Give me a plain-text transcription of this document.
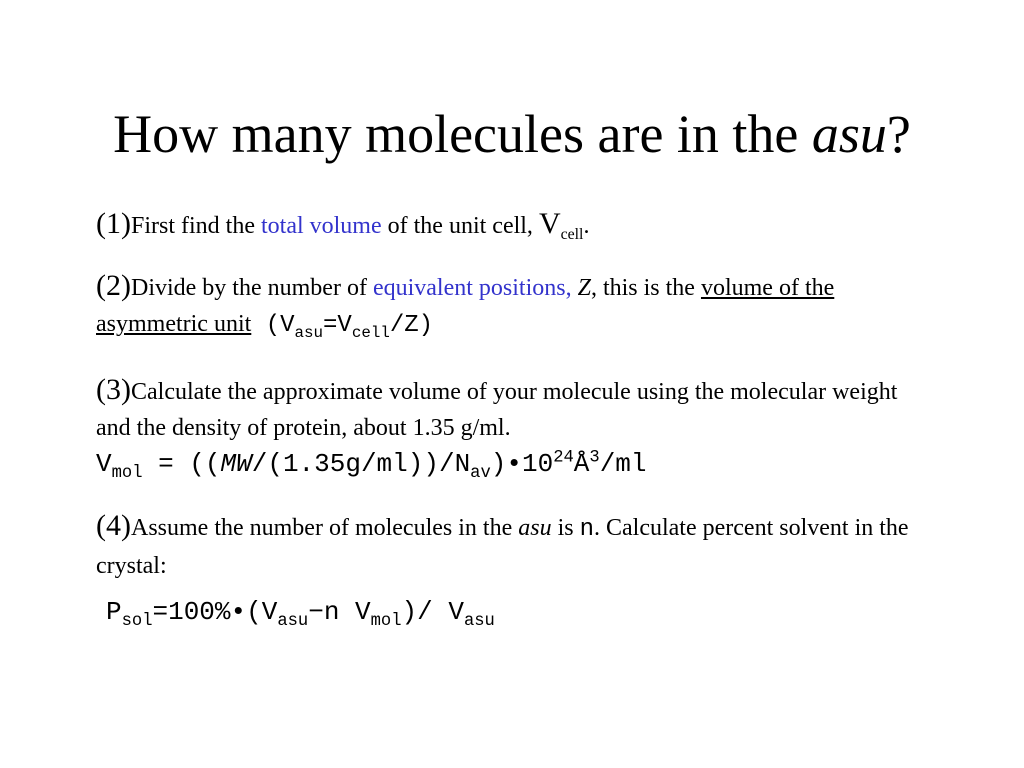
How many molecules are in the asu?
(1)First find the total volume of the unit cell, $V_{cell}$.
(2)Divide by the number of equivalent positions, Z, this is the volume of the asymmetric unit $(V_{asu}=V_{cell}/Z)$
(3)Calculate the approximate volume of your molecule using the molecular weight and the density of protein, about 1.35 g/ml.
$V_{mol}$ = $((MW/(1.35g/ml))/N_{av})•10^{24}Å^3/ml$
(4)Assume the number of molecules in the asu is n. Calculate percent solvent in the crystal:
$P_{sol}=100\%•(V_{asu}-n$ $V_{mol})/$ $V_{asu}$
